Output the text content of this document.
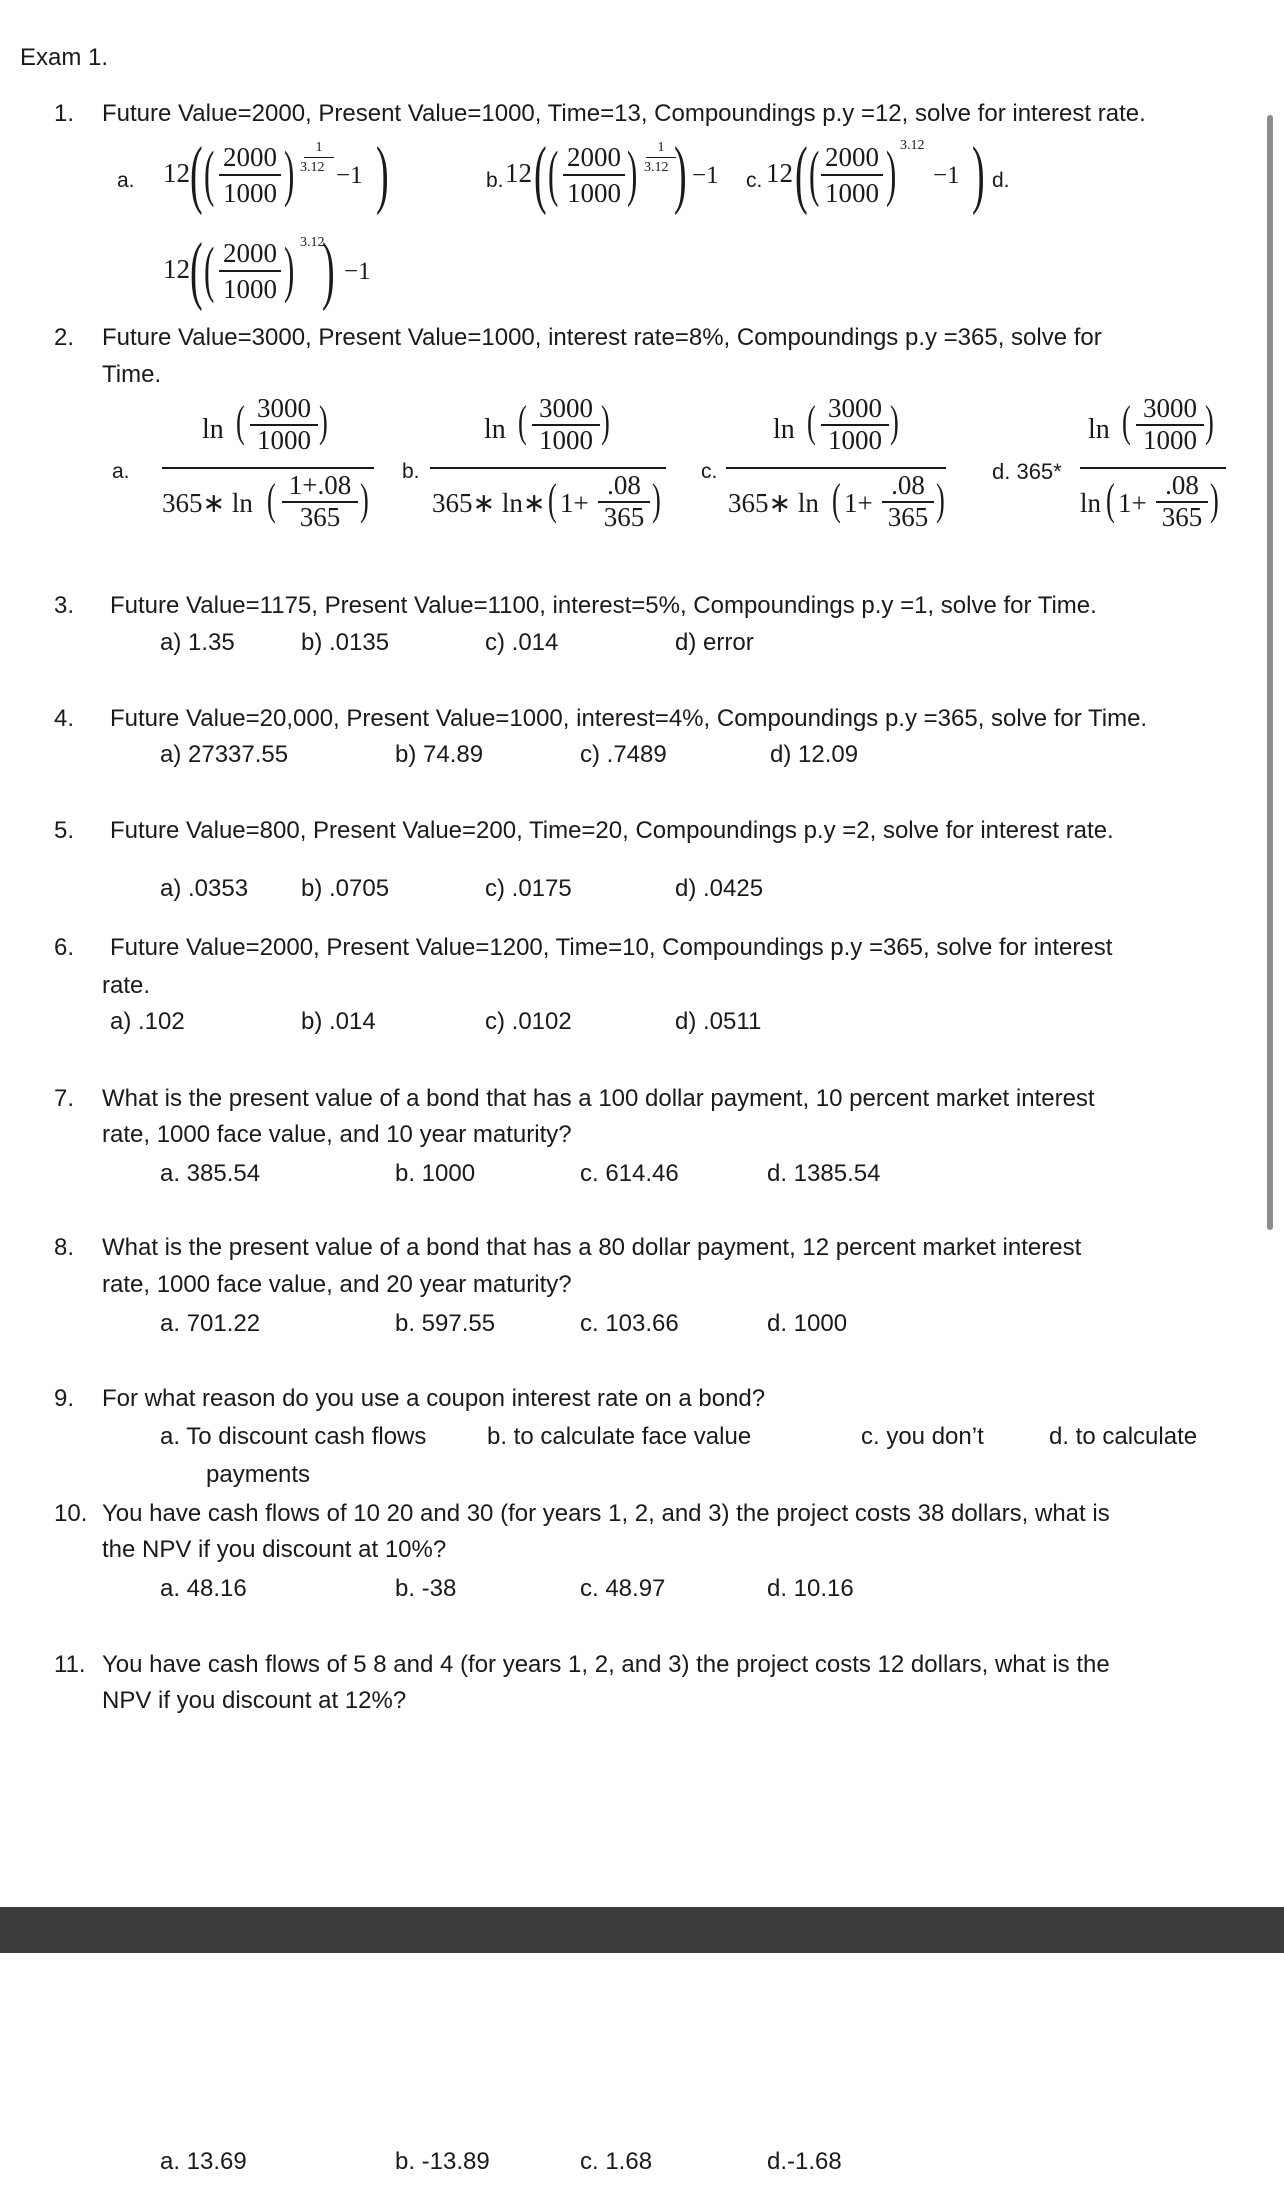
Exam 1.
1. Future Value=2000, Present Value=1000, Time=13, Compoundings p.y =12, solve for interest rate.
a. 12 ( ( 2000
1000 )	1
3.12 −1 )	b. 12 ( ( 2000
1000 )	1
3.12 ) −1 c. 12 ( ( 2000
1000 ) 3.12
−1 ) d.
12 ( ( 2000
1000 ) 3.12
) −1
2. Future Value=3000, Present Value=1000, interest rate=8%, Compoundings p.y =365, solve for
Time.
a.
ln ( 3000
1000 )
365∗ ln ( 1+.08
365 )
b.
ln ( 3000
1000 )
365∗ ln∗ ( 1+
.08
365 )
c.
ln ( 3000
1000 )
365∗ ln ( 1+
.08
365 )
d. 365*
ln ( 3000
1000 )
ln ( 1+
.08
365 )
3. Future Value=1175, Present Value=1100, interest=5%, Compoundings p.y =1, solve for Time.
a) 1.35	b) .0135	c) .014	d) error
4. Future Value=20,000, Present Value=1000, interest=4%, Compoundings p.y =365, solve for Time.
a) 27337.55	b) 74.89	c) .7489	d) 12.09
5. Future Value=800, Present Value=200, Time=20, Compoundings p.y =2, solve for interest rate.
a) .0353 b) .0705	c) .0175	d) .0425
6. Future Value=2000, Present Value=1200, Time=10, Compoundings p.y =365, solve for interest
rate.
a) .102	b) .014	c) .0102	d) .0511
7. What is the present value of a bond that has a 100 dollar payment, 10 percent market interest
rate, 1000 face value, and 10 year maturity?
a. 385.54	b. 1000	c. 614.46	d. 1385.54
8. What is the present value of a bond that has a 80 dollar payment, 12 percent market interest
rate, 1000 face value, and 20 year maturity?
a. 701.22	b. 597.55	c. 103.66	d. 1000
9. For what reason do you use a coupon interest rate on a bond?
a. To discount cash flows	b. to calculate face value	c. you don’t	d. to calculate
payments
10. You have cash flows of 10 20 and 30 (for years 1, 2, and 3) the project costs 38 dollars, what is
the NPV if you discount at 10%?
a. 48.16	b. -38	c. 48.97	d. 10.16
11. You have cash flows of 5 8 and 4 (for years 1, 2, and 3) the project costs 12 dollars, what is the
NPV if you discount at 12%?
a. 13.69	b. -13.89	c. 1.68	d.-1.68
